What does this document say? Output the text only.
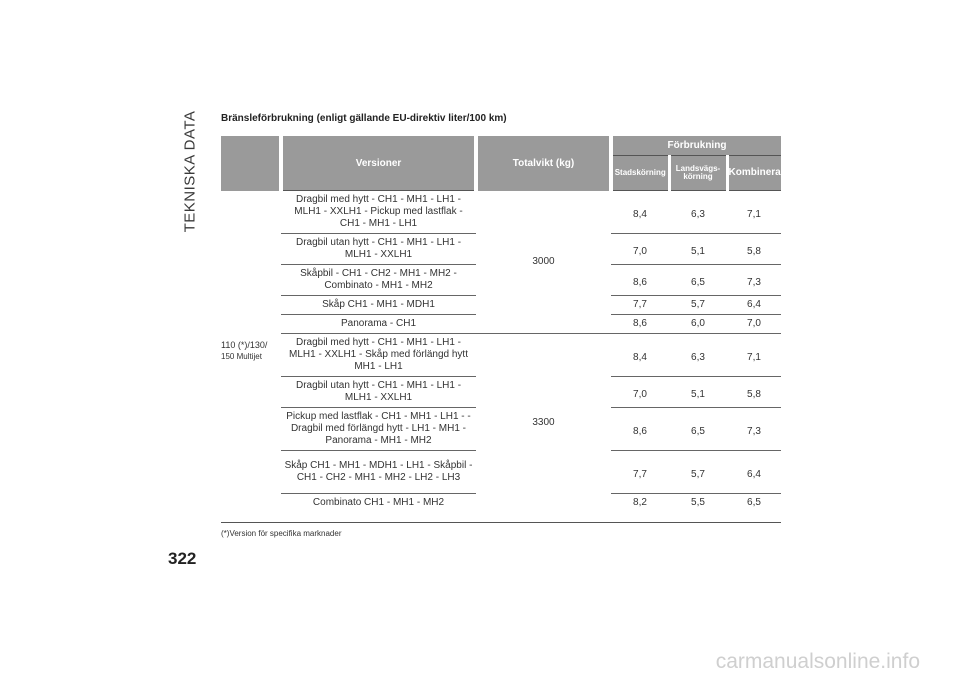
TEKNISKA DATA Bränsleförbrukning (enligt gällande EU-direktiv liter/100 km)
	Versioner	Totalvikt (kg)	Förbrukning		
			Stadskörning	Landsvägs-körning	Kombinerad
110 (*)/130/
150 Multijet	Dragbil med hytt - CH1 - MH1 - LH1 - MLH1 - XXLH1 - Pickup med lastflak - CH1 - MH1 - LH1	3000	8,4	6,3	7,1
	Dragbil utan hytt - CH1 - MH1 - LH1 - MLH1 - XXLH1		7,0	5,1	5,8
	Skåpbil - CH1 - CH2 - MH1 - MH2 - Combinato - MH1 - MH2		8,6	6,5	7,3
	Skåp CH1 - MH1 - MDH1		7,7	5,7	6,4
	Panorama - CH1		8,6	6,0	7,0
	Dragbil med hytt - CH1 - MH1 - LH1 - MLH1 - XXLH1 - Skåp med förlängd hytt MH1 - LH1	3300	8,4	6,3	7,1
	Dragbil utan hytt - CH1 - MH1 - LH1 - MLH1 - XXLH1		7,0	5,1	5,8
	Pickup med lastflak - CH1 - MH1 - LH1 - - Dragbil med förlängd hytt - LH1 - MH1 - Panorama - MH1 - MH2		8,6	6,5	7,3
	Skåp CH1 - MH1 - MDH1 - LH1 - Skåpbil - CH1 - CH2 - MH1 - MH2 - LH2 - LH3		7,7	5,7	6,4
	Combinato CH1 - MH1 - MH2		8,2	5,5	6,5
(*)Version för specifika marknader
322
carmanualsonline.info
